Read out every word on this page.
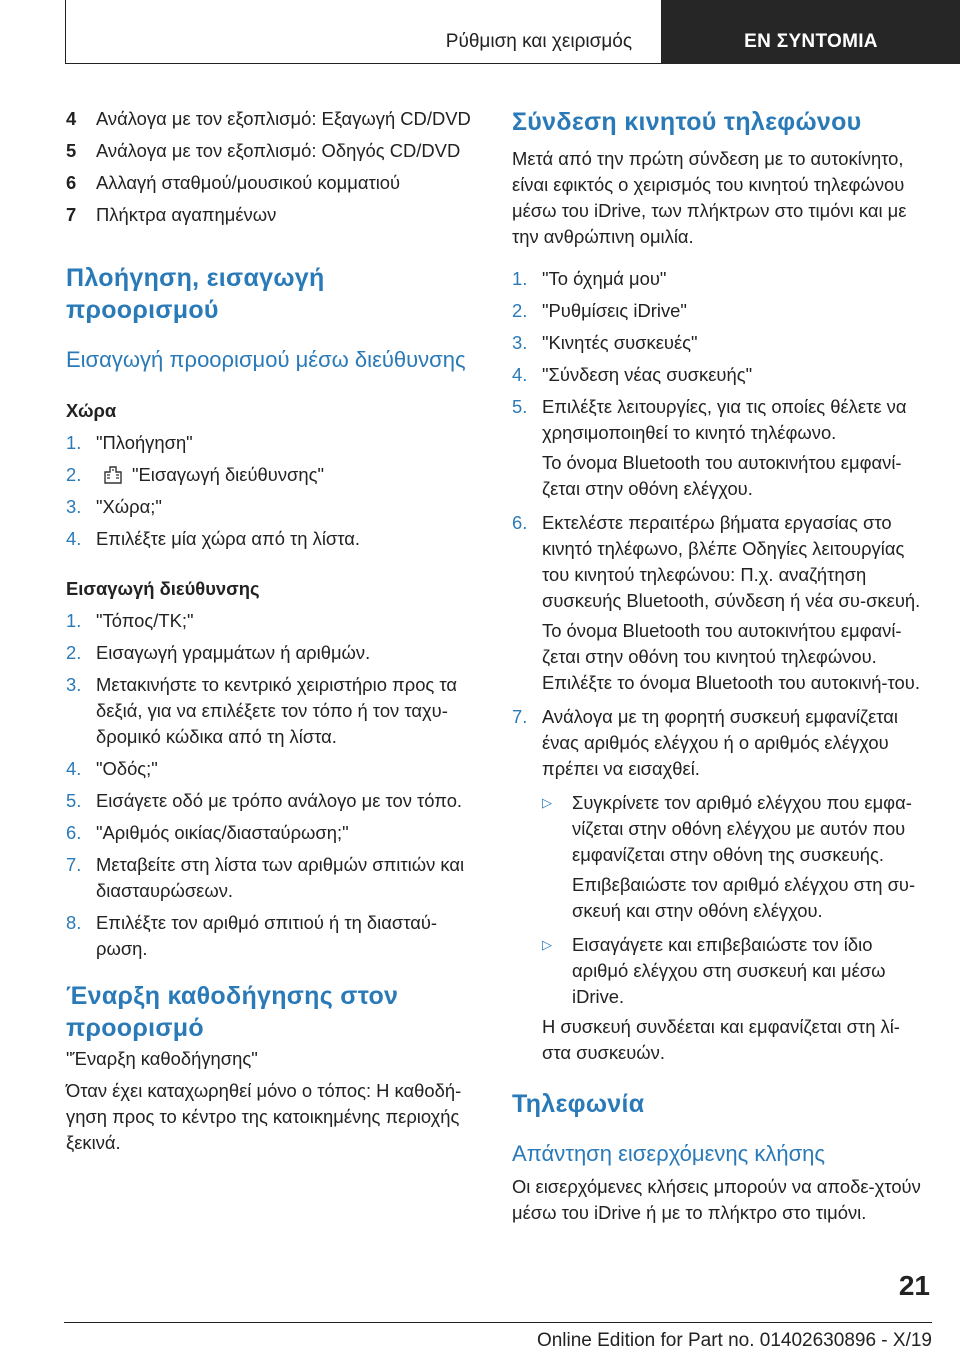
Ρύθμιση και χειρισμός	EN ΣΥΝΤΟΜΙΑ
4	Ανάλογα με τον εξοπλισμό: Εξαγωγή CD/DVD
5	Ανάλογα με τον εξοπλισμό: Οδηγός CD/DVD
6	Αλλαγή σταθμού/μουσικού κομματιού
7	Πλήκτρα αγαπημένων
Πλοήγηση, εισαγωγή προορισμού
Εισαγωγή προορισμού μέσω διεύθυνσης
Χώρα
1. "Πλοήγηση"
2.	"Εισαγωγή διεύθυνσης"
3. "Χώρα;"
4. Επιλέξτε μία χώρα από τη λίστα.
Εισαγωγή διεύθυνσης
1. "Τόπος/ΤΚ;"
2. Εισαγωγή γραμμάτων ή αριθμών.
3. Μετακινήστε το κεντρικό χειριστήριο προς τα δεξιά, για να επιλέξετε τον τόπο ή τον ταχυ-δρομικό κώδικα από τη λίστα.
4. "Οδός;"
5. Εισάγετε οδό με τρόπο ανάλογο με τον τόπο.
6. "Αριθμός οικίας/διασταύρωση;"
7. Μεταβείτε στη λίστα των αριθμών σπιτιών και διασταυρώσεων.
8. Επιλέξτε τον αριθμό σπιτιού ή τη διασταύ-ρωση.
Έναρξη καθοδήγησης στον προορισμό
"Έναρξη καθοδήγησης"
Όταν έχει καταχωρηθεί μόνο ο τόπος: Η καθοδή-γηση προς το κέντρο της κατοικημένης περιοχής ξεκινά.
Σύνδεση κινητού τηλεφώνου
Μετά από την πρώτη σύνδεση με το αυτοκίνητο, είναι εφικτός ο χειρισμός του κινητού τηλεφώνου μέσω του iDrive, των πλήκτρων στο τιμόνι και με την ανθρώπινη ομιλία.
1. "Το όχημά μου"
2. "Ρυθμίσεις iDrive"
3. "Κινητές συσκευές"
4. "Σύνδεση νέας συσκευής"
5. Επιλέξτε λειτουργίες, για τις οποίες θέλετε να χρησιμοποιηθεί το κινητό τηλέφωνο.
Το όνομα Bluetooth του αυτοκινήτου εμφανί-ζεται στην οθόνη ελέγχου.
6. Εκτελέστε περαιτέρω βήματα εργασίας στο κινητό τηλέφωνο, βλέπε Οδηγίες λειτουργίας του κινητού τηλεφώνου: Π.χ. αναζήτηση συσκευής Bluetooth, σύνδεση ή νέα συ-σκευή.
Το όνομα Bluetooth του αυτοκινήτου εμφανί-ζεται στην οθόνη του κινητού τηλεφώνου. Επιλέξτε το όνομα Bluetooth του αυτοκινή-του.
7. Ανάλογα με τη φορητή συσκευή εμφανίζεται ένας αριθμός ελέγχου ή ο αριθμός ελέγχου πρέπει να εισαχθεί.
▷	Συγκρίνετε τον αριθμό ελέγχου που εμφα-νίζεται στην οθόνη ελέγχου με αυτόν που εμφανίζεται στην οθόνη της συσκευής.
Επιβεβαιώστε τον αριθμό ελέγχου στη συ-σκευή και στην οθόνη ελέγχου.
▷	Εισαγάγετε και επιβεβαιώστε τον ίδιο αριθμό ελέγχου στη συσκευή και μέσω iDrive.
Η συσκευή συνδέεται και εμφανίζεται στη λί-στα συσκευών.
Τηλεφωνία
Απάντηση εισερχόμενης κλήσης
Οι εισερχόμενες κλήσεις μπορούν να αποδε-χτούν μέσω του iDrive ή με το πλήκτρο στο τιμόνι.
21
Online Edition for Part no. 01402630896 - X/19
